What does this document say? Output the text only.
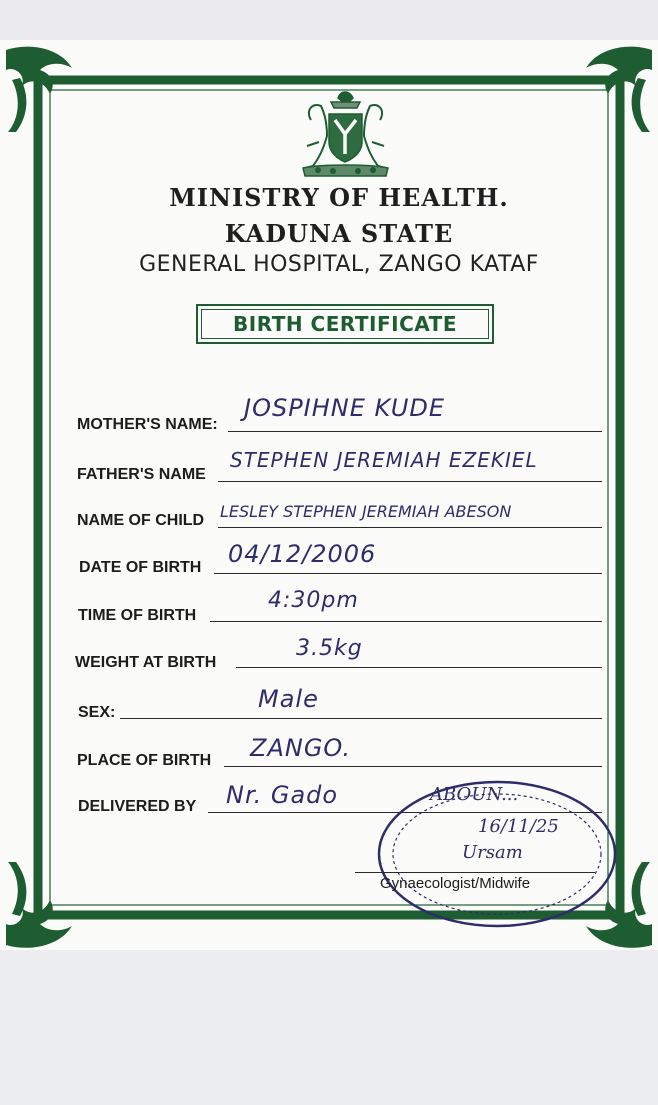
MINISTRY OF HEALTH.
KADUNA STATE
GENERAL HOSPITAL, ZANGO KATAF
BIRTH CERTIFICATE
MOTHER'S NAME:
JOSPIHNE KUDE
FATHER'S NAME
STEPHEN JEREMIAH EZEKIEL
NAME OF CHILD LESLEY STEPHEN JEREMIAH ABESON
DATE OF BIRTH 04/12/2006
TIME OF BIRTH
4:30pm
WEIGHT AT BIRTH
3.5kg
SEX:	Male
PLACE OF BIRTH ZANGO.
DELIVERED BY Nr. Gado	ABOUN...
16/11/25
Ursam
Gynaecologist/Midwife
